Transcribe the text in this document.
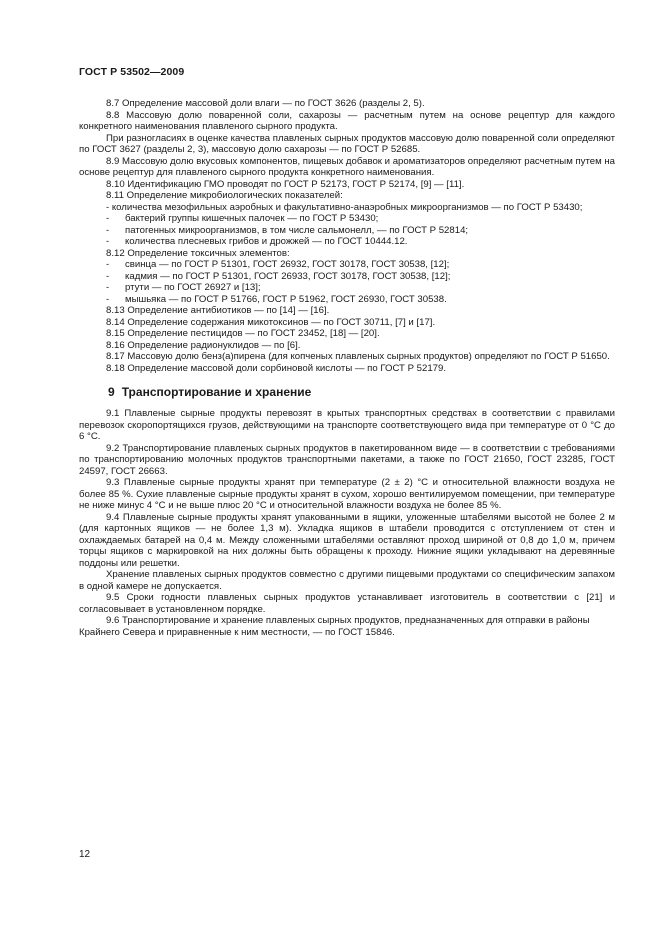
ГОСТ Р 53502—2009

8.7 Определение массовой доли влаги — по ГОСТ 3626 (разделы 2, 5).

8.8 Массовую долю поваренной соли, сахарозы — расчетным путем на основе рецептур для каждого конкретного наименования плавленого сырного продукта.

При разногласиях в оценке качества плавленых сырных продуктов массовую долю поваренной соли определяют по ГОСТ 3627 (разделы 2, 3), массовую долю сахарозы — по ГОСТ Р 52685.

8.9 Массовую долю вкусовых компонентов, пищевых добавок и ароматизаторов определяют расчетным путем на основе рецептур для плавленого сырного продукта конкретного наименования.

8.10 Идентификацию ГМО проводят по ГОСТ Р 52173, ГОСТ Р 52174, [9] — [11].

8.11 Определение микробиологических показателей:

- количества мезофильных аэробных и факультативно-анаэробных микроорганизмов — по ГОСТ Р 53430;

-	бактерий группы кишечных палочек — по ГОСТ Р 53430;
-	патогенных микроорганизмов, в том числе сальмонелл, — по ГОСТ Р 52814;
-	количества плесневых грибов и дрожжей — по ГОСТ 10444.12.

8.12 Определение токсичных элементов:

-	свинца — по ГОСТ Р 51301, ГОСТ 26932, ГОСТ 30178, ГОСТ 30538, [12];
-	кадмия — по ГОСТ Р 51301, ГОСТ 26933, ГОСТ 30178, ГОСТ 30538, [12];
-	ртути — по ГОСТ 26927 и [13];
-	мышьяка — по ГОСТ Р 51766, ГОСТ Р 51962, ГОСТ 26930, ГОСТ 30538.

8.13 Определение антибиотиков — по [14] — [16].

8.14 Определение содержания микотоксинов — по ГОСТ 30711, [7] и [17].

8.15 Определение пестицидов — по ГОСТ 23452, [18] — [20].

8.16 Определение радионуклидов — по [6].

8.17 Массовую долю бенз(а)пирена (для копченых плавленых сырных продуктов) определяют по ГОСТ Р 51650.

8.18 Определение массовой доли сорбиновой кислоты — по ГОСТ Р 52179.

9 Транспортирование и хранение

9.1 Плавленые сырные продукты перевозят в крытых транспортных средствах в соответствии с правилами перевозок скоропортящихся грузов, действующими на транспорте соответствующего вида при температуре от 0 °С до 6 °С.

9.2 Транспортирование плавленых сырных продуктов в пакетированном виде — в соответствии с требованиями по транспортированию молочных продуктов транспортными пакетами, а также по ГОСТ 21650, ГОСТ 23285, ГОСТ 24597, ГОСТ 26663.

9.3 Плавленые сырные продукты хранят при температуре (2 ± 2) °С и относительной влажности воздуха не более 85 %. Сухие плавленые сырные продукты хранят в сухом, хорошо вентилируемом помещении, при температуре не ниже минус 4 °С и не выше плюс 20 °С и относительной влажности воздуха не более 85 %.

9.4 Плавленые сырные продукты хранят упакованными в ящики, уложенные штабелями высотой не более 2 м (для картонных ящиков — не более 1,3 м). Укладка ящиков в штабели проводится с отступлением от стен и охлаждаемых батарей на 0,4 м. Между сложенными штабелями оставляют проход шириной от 0,8 до 1,0 м, причем торцы ящиков с маркировкой на них должны быть обращены к проходу. Нижние ящики укладывают на деревянные поддоны или решетки.

Хранение плавленых сырных продуктов совместно с другими пищевыми продуктами со специфическим запахом в одной камере не допускается.

9.5 Сроки годности плавленых сырных продуктов устанавливает изготовитель в соответствии с [21] и согласовывает в установленном порядке.

9.6 Транспортирование и хранение плавленых сырных продуктов, предназначенных для отправки в районы Крайнего Севера и приравненные к ним местности, — по ГОСТ 15846.

12
